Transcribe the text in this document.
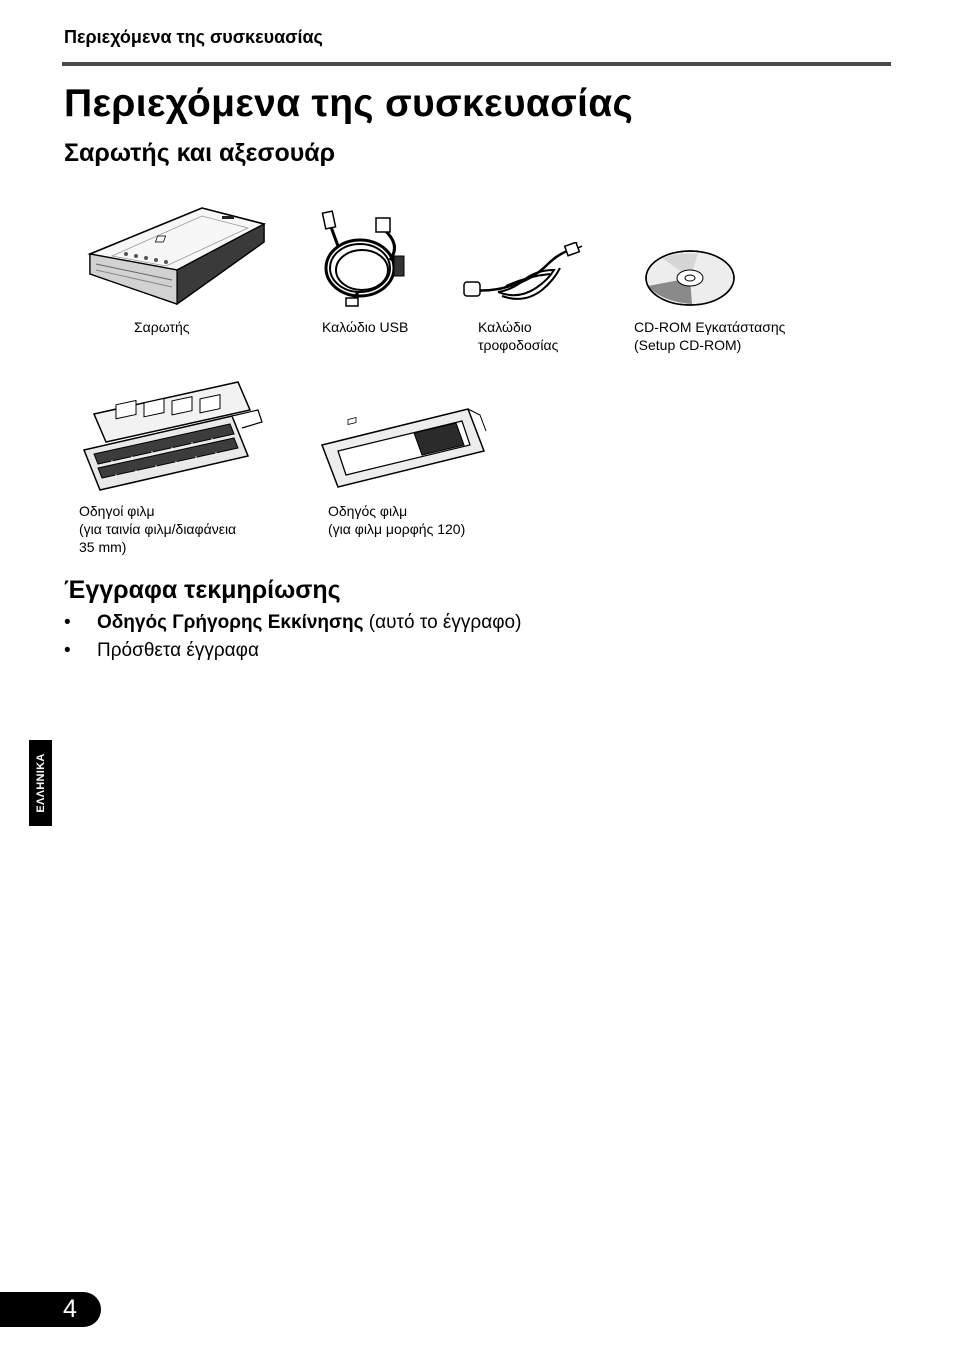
Περιεχόμενα της συσκευασίας
Περιεχόμενα της συσκευασίας
Σαρωτής και αξεσουάρ
Σαρωτής	Καλώδιο USB	Καλώδιο
τροφοδοσίας
CD-ROM Εγκατάστασης
(Setup CD-ROM)
Οδηγοί φιλμ
(για ταινία φιλμ/διαφάνεια
35 mm)
Οδηγός φιλμ
(για φιλμ μορφής 120)
Έγγραφα τεκμηρίωσης
• Οδηγός Γρήγορης Εκκίνησης (αυτό το έγγραφο)
• Πρόσθετα έγγραφα
ΕΛΛΗΝΙΚΑ
4
